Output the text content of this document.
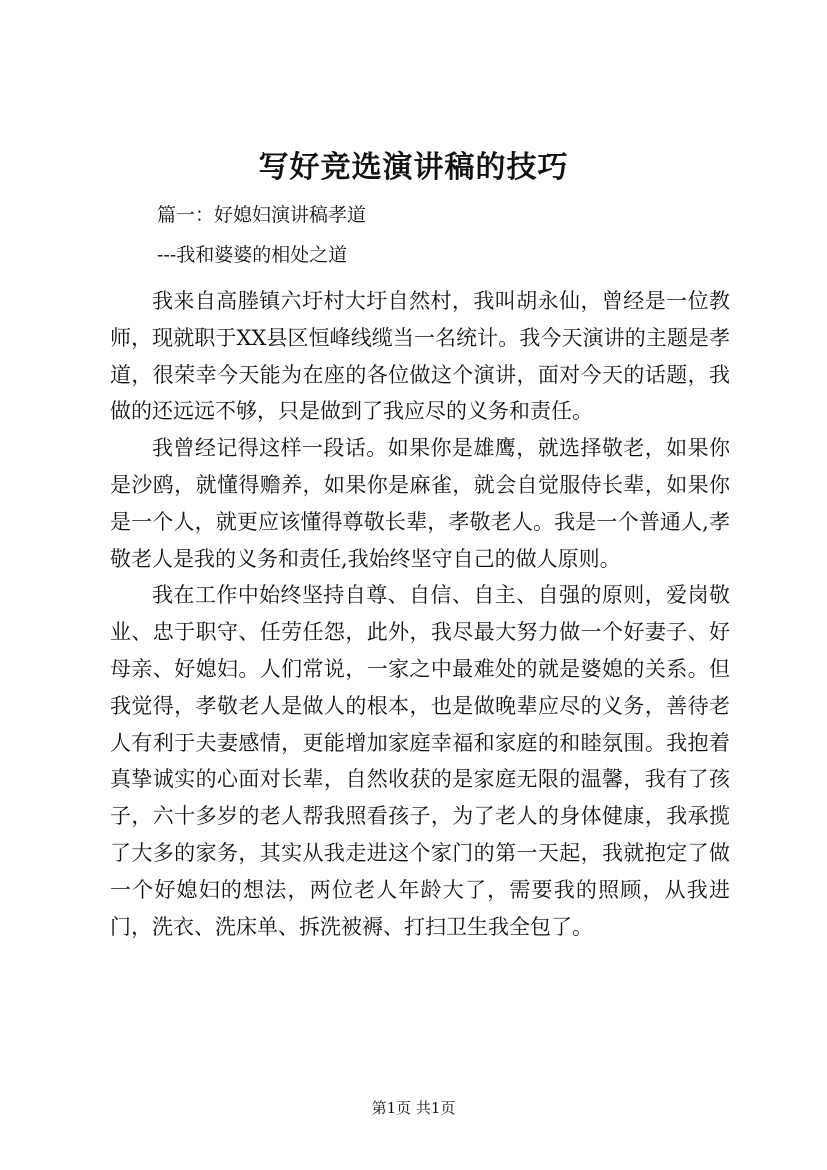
写好竞选演讲稿的技巧

篇一：好媳妇演讲稿孝道

---我和婆婆的相处之道

我来自高塍镇六圩村大圩自然村，我叫胡永仙，曾经是一位教师，现就职于XX县区恒峰线缆当一名统计。我今天演讲的主题是孝道，很荣幸今天能为在座的各位做这个演讲，面对今天的话题，我做的还远远不够，只是做到了我应尽的义务和责任。

我曾经记得这样一段话。如果你是雄鹰，就选择敬老，如果你是沙鸥，就懂得赡养，如果你是麻雀，就会自觉服侍长辈，如果你是一个人，就更应该懂得尊敬长辈，孝敬老人。我是一个普通人,孝敬老人是我的义务和责任,我始终坚守自己的做人原则。

我在工作中始终坚持自尊、自信、自主、自强的原则，爱岗敬业、忠于职守、任劳任怨，此外，我尽最大努力做一个好妻子、好母亲、好媳妇。人们常说，一家之中最难处的就是婆媳的关系。但我觉得，孝敬老人是做人的根本，也是做晚辈应尽的义务，善待老人有利于夫妻感情，更能增加家庭幸福和家庭的和睦氛围。我抱着真挚诚实的心面对长辈，自然收获的是家庭无限的温馨，我有了孩子，六十多岁的老人帮我照看孩子，为了老人的身体健康，我承揽了大多的家务，其实从我走进这个家门的第一天起，我就抱定了做一个好媳妇的想法，两位老人年龄大了，需要我的照顾，从我进门，洗衣、洗床单、拆洗被褥、打扫卫生我全包了。

第1页 共1页
